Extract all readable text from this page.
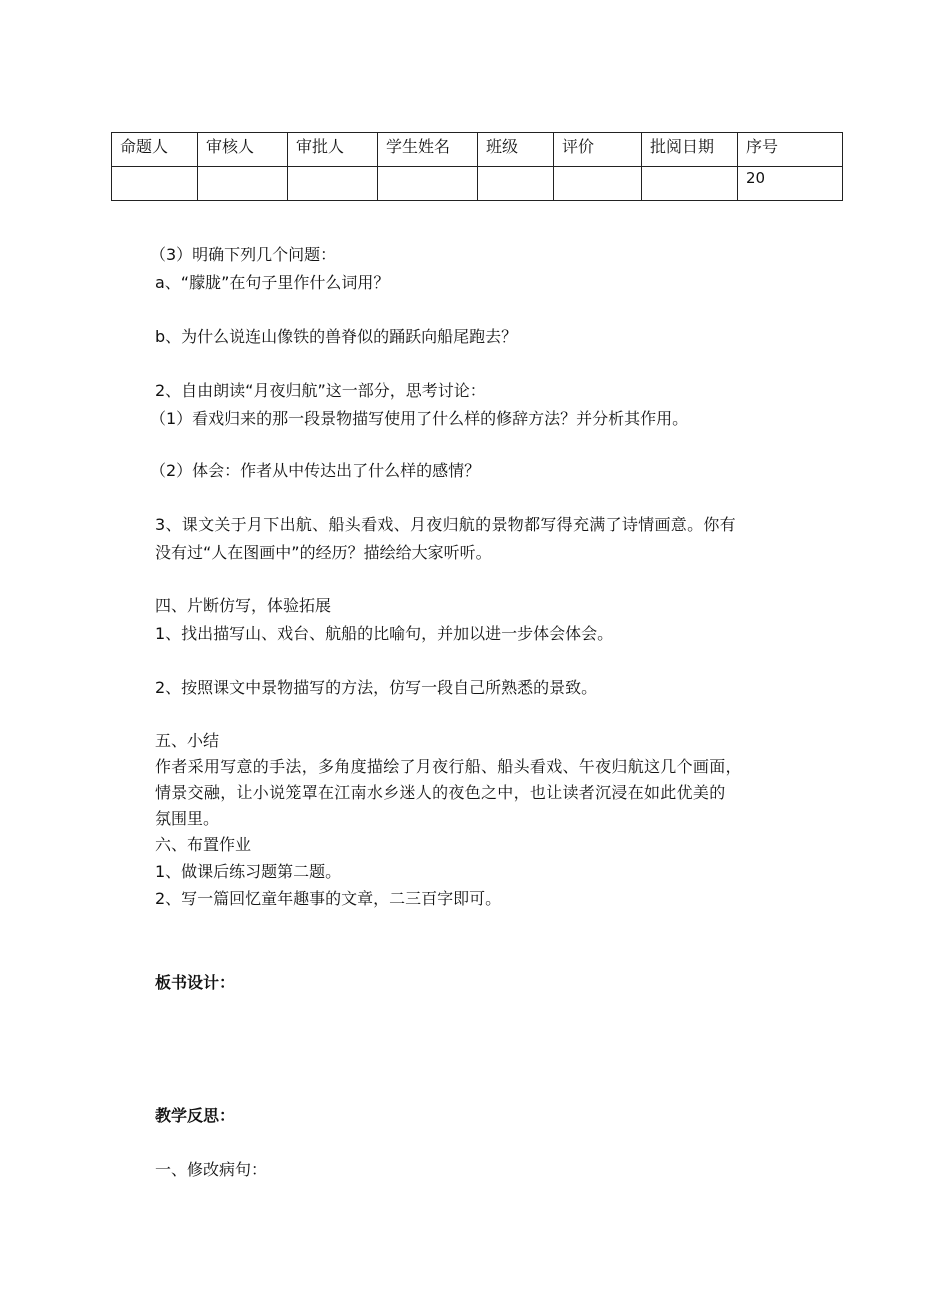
命题人	审核人	审批人	学生姓名	班级	评价	批阅日期	序号
							20
（3）明确下列几个问题：
a、“朦胧”在句子里作什么词用？
b、为什么说连山像铁的兽脊似的踊跃向船尾跑去？
2、自由朗读“月夜归航”这一部分，思考讨论：
（1）看戏归来的那一段景物描写使用了什么样的修辞方法？并分析其作用。
（2）体会：作者从中传达出了什么样的感情？
3、课文关于月下出航、船头看戏、月夜归航的景物都写得充满了诗情画意。你有
没有过“人在图画中”的经历？描绘给大家听听。
四、片断仿写，体验拓展
1、找出描写山、戏台、航船的比喻句，并加以进一步体会体会。
2、按照课文中景物描写的方法，仿写一段自己所熟悉的景致。
五、小结
作者采用写意的手法，多角度描绘了月夜行船、船头看戏、午夜归航这几个画面，
情景交融，让小说笼罩在江南水乡迷人的夜色之中，也让读者沉浸在如此优美的
氛围里。
六、布置作业
1、做课后练习题第二题。
2、写一篇回忆童年趣事的文章，二三百字即可。
板书设计：
教学反思：
一、修改病句：
